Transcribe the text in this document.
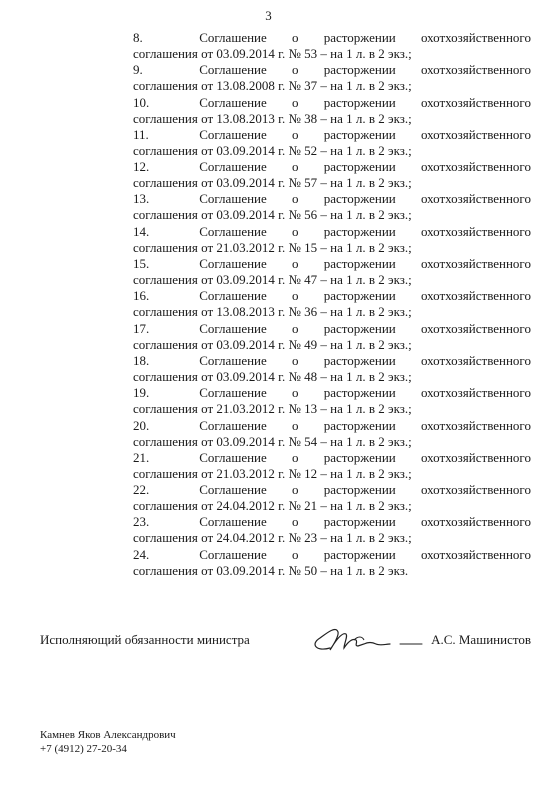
3
8.	Соглашение о расторжении охотхозяйственного
соглашения от 03.09.2014 г. № 53 – на 1 л. в 2 экз.;
9.	Соглашение о расторжении охотхозяйственного
соглашения от 13.08.2008 г. № 37 – на 1 л. в 2 экз.;
10.	Соглашение о расторжении охотхозяйственного
соглашения от 13.08.2013 г. № 38 – на 1 л. в 2 экз.;
11.	Соглашение о расторжении охотхозяйственного
соглашения от 03.09.2014 г. № 52 – на 1 л. в 2 экз.;
12.	Соглашение о расторжении охотхозяйственного
соглашения от 03.09.2014 г. № 57 – на 1 л. в 2 экз.;
13.	Соглашение о расторжении охотхозяйственного
соглашения от 03.09.2014 г. № 56 – на 1 л. в 2 экз.;
14.	Соглашение о расторжении охотхозяйственного
соглашения от 21.03.2012 г. № 15 – на 1 л. в 2 экз.;
15.	Соглашение о расторжении охотхозяйственного
соглашения от 03.09.2014 г. № 47 – на 1 л. в 2 экз.;
16.	Соглашение о расторжении охотхозяйственного
соглашения от 13.08.2013 г. № 36 – на 1 л. в 2 экз.;
17.	Соглашение о расторжении охотхозяйственного
соглашения от 03.09.2014 г. № 49 – на 1 л. в 2 экз.;
18.	Соглашение о расторжении охотхозяйственного
соглашения от 03.09.2014 г. № 48 – на 1 л. в 2 экз.;
19.	Соглашение о расторжении охотхозяйственного
соглашения от 21.03.2012 г. № 13 – на 1 л. в 2 экз.;
20.	Соглашение о расторжении охотхозяйственного
соглашения от 03.09.2014 г. № 54 – на 1 л. в 2 экз.;
21.	Соглашение о расторжении охотхозяйственного
соглашения от 21.03.2012 г. № 12 – на 1 л. в 2 экз.;
22.	Соглашение о расторжении охотхозяйственного
соглашения от 24.04.2012 г. № 21 – на 1 л. в 2 экз.;
23.	Соглашение о расторжении охотхозяйственного
соглашения от 24.04.2012 г. № 23 – на 1 л. в 2 экз.;
24.	Соглашение о расторжении охотхозяйственного
соглашения от 03.09.2014 г. № 50 – на 1 л. в 2 экз.
Исполняющий обязанности министра	А.С. Машинистов
Камнев Яков Александрович
+7 (4912) 27-20-34
